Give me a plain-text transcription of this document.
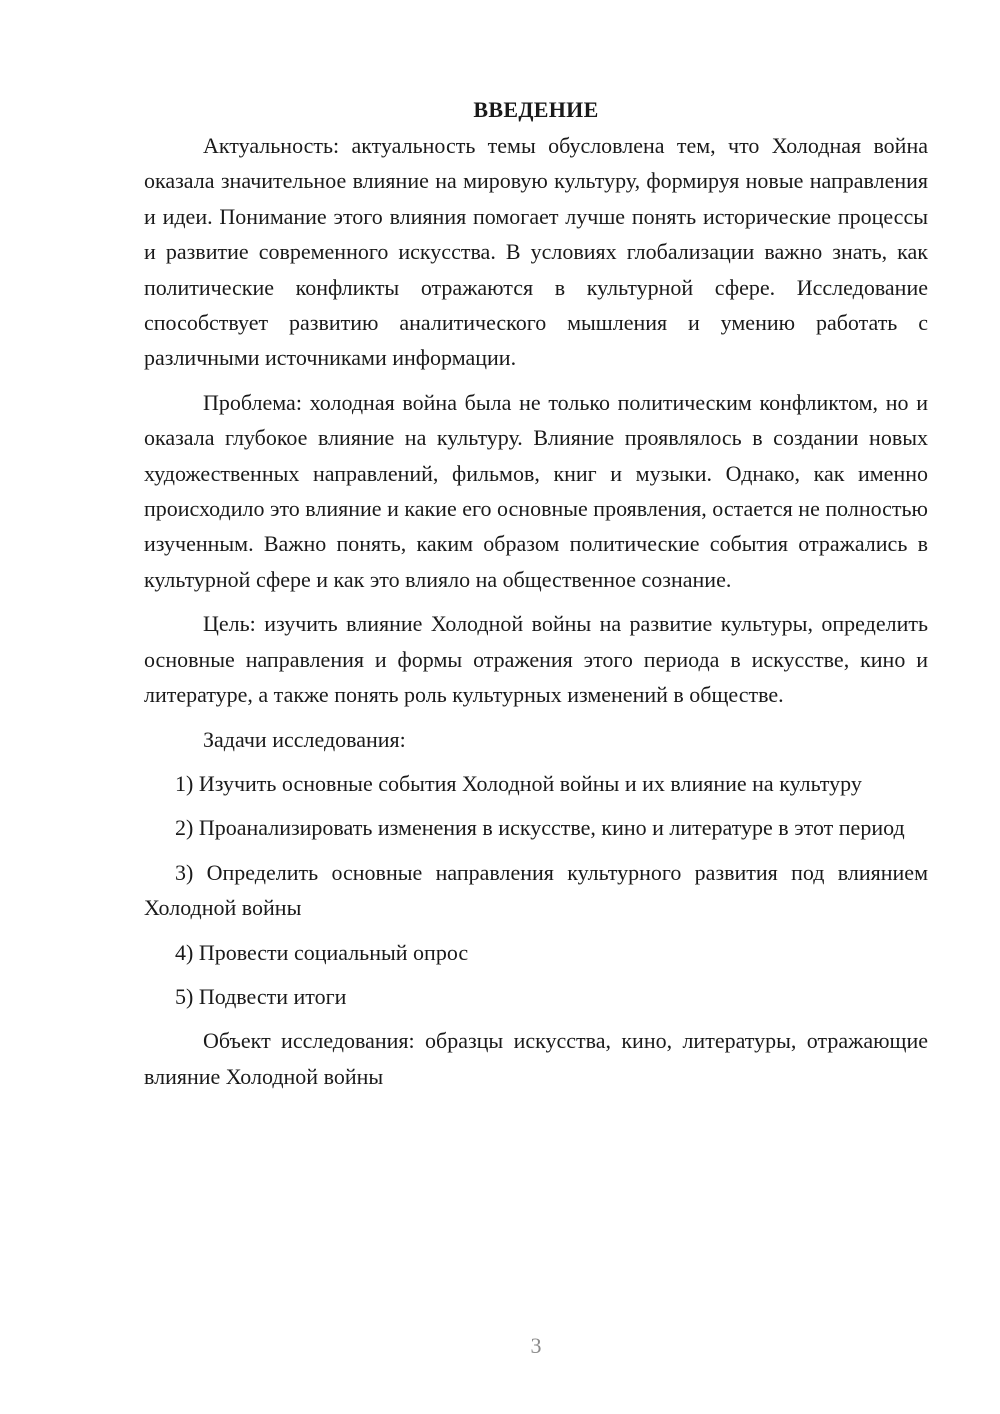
ВВЕДЕНИЕ

Актуальность: актуальность темы обусловлена тем, что Холодная война оказала значительное влияние на мировую культуру, формируя новые направления и идеи. Понимание этого влияния помогает лучше понять исторические процессы и развитие современного искусства. В условиях глобализации важно знать, как политические конфликты отражаются в культурной сфере. Исследование способствует развитию аналитического мышления и умению работать с различными источниками информации.

Проблема: холодная война была не только политическим конфликтом, но и оказала глубокое влияние на культуру. Влияние проявлялось в создании новых художественных направлений, фильмов, книг и музыки. Однако, как именно происходило это влияние и какие его основные проявления, остается не полностью изученным. Важно понять, каким образом политические события отражались в культурной сфере и как это влияло на общественное сознание.

Цель: изучить влияние Холодной войны на развитие культуры, определить основные направления и формы отражения этого периода в искусстве, кино и литературе, а также понять роль культурных изменений в обществе.

Задачи исследования:

1) Изучить основные события Холодной войны и их влияние на культуру

2) Проанализировать изменения в искусстве, кино и литературе в этот период

3) Определить основные направления культурного развития под влиянием Холодной войны

4) Провести социальный опрос

5) Подвести итоги

Объект исследования: образцы искусства, кино, литературы, отражающие влияние Холодной войны

3
